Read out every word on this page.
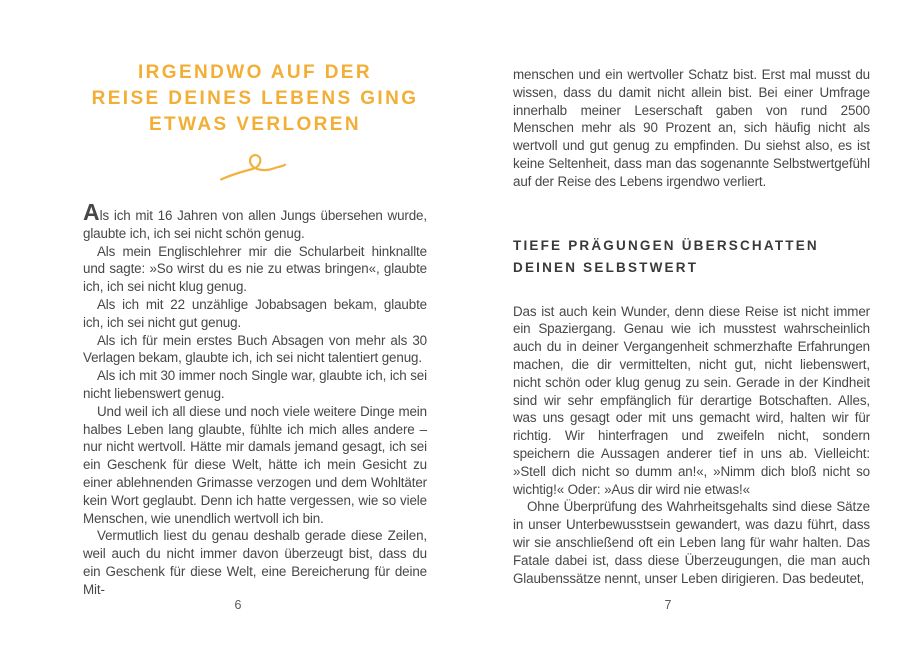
IRGENDWO AUF DER
REISE DEINES LEBENS GING
ETWAS VERLOREN

Als ich mit 16 Jahren von allen Jungs übersehen wurde, glaubte ich, ich sei nicht schön genug.

Als mein Englischlehrer mir die Schularbeit hinknallte und sagte: »So wirst du es nie zu etwas bringen«, glaubte ich, ich sei nicht klug genug.

Als ich mit 22 unzählige Jobabsagen bekam, glaubte ich, ich sei nicht gut genug.

Als ich für mein erstes Buch Absagen von mehr als 30 Verlagen bekam, glaubte ich, ich sei nicht talentiert genug.

Als ich mit 30 immer noch Single war, glaubte ich, ich sei nicht liebenswert genug.

Und weil ich all diese und noch viele weitere Dinge mein halbes Leben lang glaubte, fühlte ich mich alles andere – nur nicht wertvoll. Hätte mir damals jemand gesagt, ich sei ein Geschenk für diese Welt, hätte ich mein Gesicht zu einer ablehnenden Grimasse verzogen und dem Wohltäter kein Wort geglaubt. Denn ich hatte vergessen, wie so viele Menschen, wie unendlich wertvoll ich bin.

Vermutlich liest du genau deshalb gerade diese Zeilen, weil auch du nicht immer davon überzeugt bist, dass du ein Geschenk für diese Welt, eine Bereicherung für deine Mit-

menschen und ein wertvoller Schatz bist. Erst mal musst du wissen, dass du damit nicht allein bist. Bei einer Umfrage innerhalb meiner Leserschaft gaben von rund 2500 Menschen mehr als 90 Prozent an, sich häufig nicht als wertvoll und gut genug zu empfinden. Du siehst also, es ist keine Seltenheit, dass man das sogenannte Selbstwertgefühl auf der Reise des Lebens irgendwo verliert.

TIEFE PRÄGUNGEN ÜBERSCHATTEN
DEINEN SELBSTWERT

Das ist auch kein Wunder, denn diese Reise ist nicht immer ein Spaziergang. Genau wie ich musstest wahrscheinlich auch du in deiner Vergangenheit schmerzhafte Erfahrungen machen, die dir vermittelten, nicht gut, nicht liebenswert, nicht schön oder klug genug zu sein. Gerade in der Kindheit sind wir sehr empfänglich für derartige Botschaften. Alles, was uns gesagt oder mit uns gemacht wird, halten wir für richtig. Wir hinterfragen und zweifeln nicht, sondern speichern die Aussagen anderer tief in uns ab. Vielleicht: »Stell dich nicht so dumm an!«, »Nimm dich bloß nicht so wichtig!« Oder: »Aus dir wird nie etwas!«

Ohne Überprüfung des Wahrheitsgehalts sind diese Sätze in unser Unterbewusstsein gewandert, was dazu führt, dass wir sie anschließend oft ein Leben lang für wahr halten. Das Fatale dabei ist, dass diese Überzeugungen, die man auch Glaubenssätze nennt, unser Leben dirigieren. Das bedeutet,

6	7
